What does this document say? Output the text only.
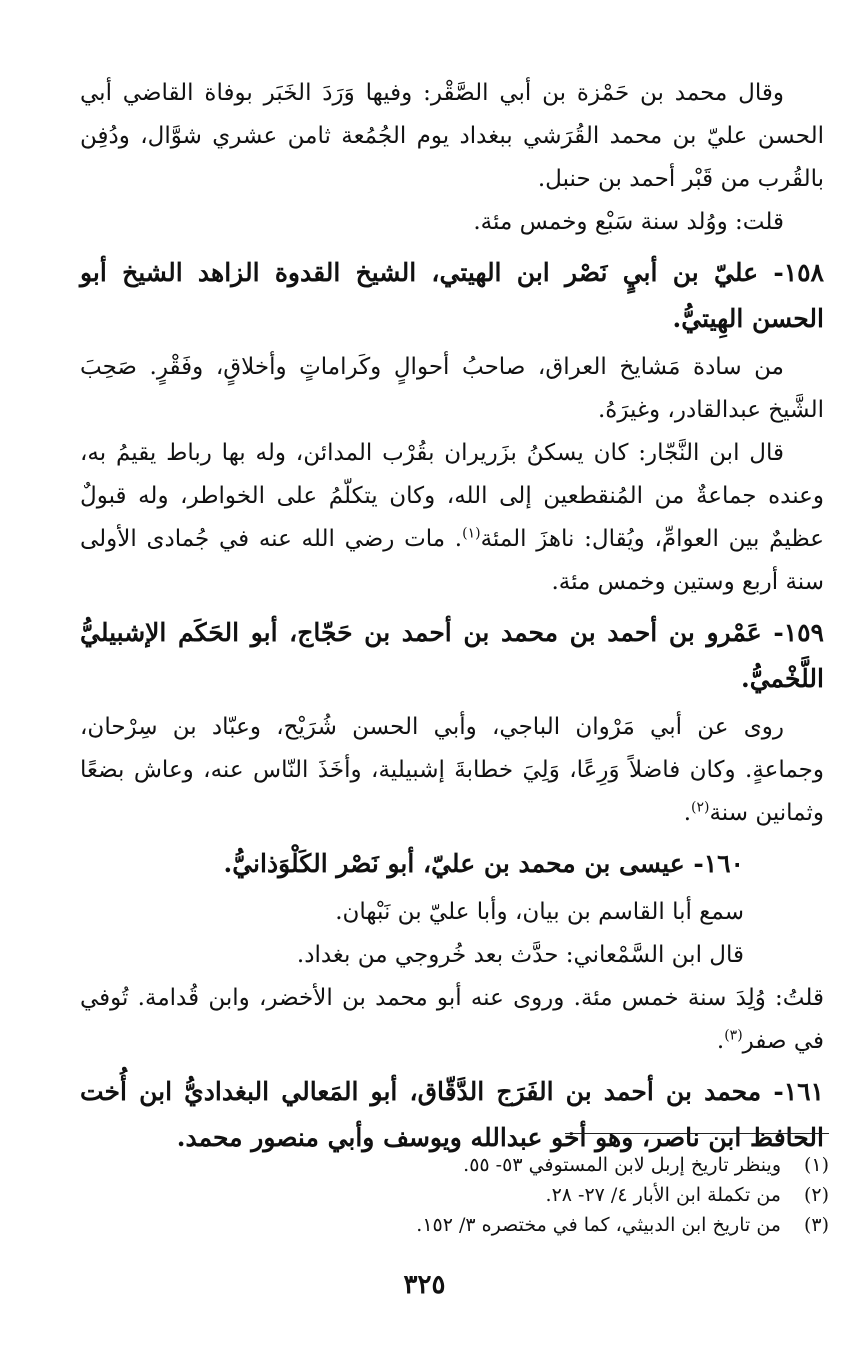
وقال محمد بن حَمْزة بن أبي الصَّقْر: وفيها وَرَدَ الخَبَر بوفاة القاضي أبي الحسن عليّ بن محمد القُرَشي ببغداد يوم الجُمُعة ثامن عشري شوَّال، ودُفِن بالقُرب من قَبْر أحمد بن حنبل.

قلت: ووُلد سنة سَبْع وخمس مئة.

١٥٨- عليّ بن أبيٍ نَصْر ابن الهيتي، الشيخ القدوة الزاهد الشيخ أبو الحسن الهِيتيُّ.

من سادة مَشايخ العراق، صاحبُ أحوالٍ وكَراماتٍ وأخلاقٍ، وفَقْرٍ. صَحِبَ الشَّيخ عبدالقادر، وغيرَهُ.

قال ابن النَّجّار: كان يسكنُ بزَريران بقُرْب المدائن، وله بها رباط يقيمُ به، وعنده جماعةٌ من المُنقطعين إلى الله، وكان يتكلّمُ على الخواطر، وله قبولٌ عظيمٌ بين العوامِّ، ويُقال: ناهزَ المئة$^{(١)}$. مات رضي الله عنه في جُمادى الأولى سنة أربع وستين وخمس مئة.

١٥٩- عَمْرو بن أحمد بن محمد بن أحمد بن حَجّاج، أبو الحَكَم الإشبيليُّ اللَّخْميُّ.

روى عن أبي مَرْوان الباجي، وأبي الحسن شُرَيْح، وعبّاد بن سِرْحان، وجماعةٍ. وكان فاضلاً وَرِعًا، وَلِيَ خطابةَ إشبيلية، وأخَذَ النّاس عنه، وعاش بضعًا وثمانين سنة$^{(٢)}$.

١٦٠- عيسى بن محمد بن عليّ، أبو نَصْر الكَلْوَذانيُّ.

سمع أبا القاسم بن بيان، وأبا عليّ بن نَبْهان.

قال ابن السَّمْعاني: حدَّث بعد خُروجي من بغداد.

قلتُ: وُلِدَ سنة خمس مئة. وروى عنه أبو محمد بن الأخضر، وابن قُدامة. تُوفي في صفر$^{(٣)}$.

١٦١- محمد بن أحمد بن الفَرَج الدَّقّاق، أبو المَعالي البغداديُّ ابن أُخت الحافظ ابن ناصر، وهو أخو عبدالله ويوسف وأبي منصور محمد.

(١)
وينظر تاريخ إربل لابن المستوفي ٥٣- ٥٥.
(٢)
من تكملة ابن الأبار ٤/ ٢٧- ٢٨.
(٣)
من تاريخ ابن الدبيثي، كما في مختصره ٣/ ١٥٢.
٣٢٥
